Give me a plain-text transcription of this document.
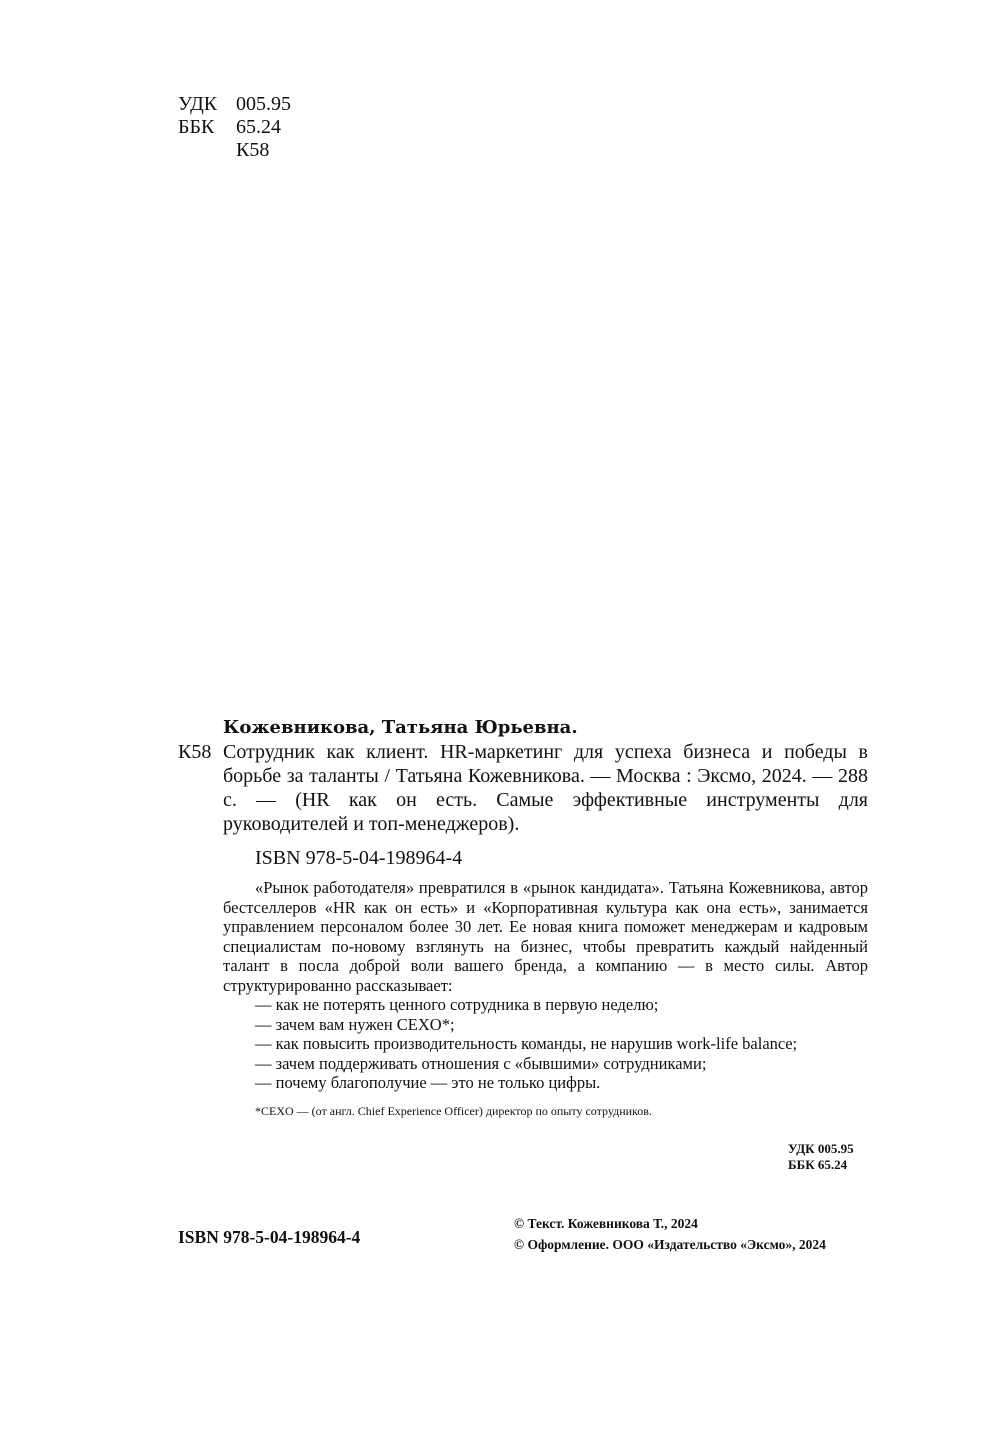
УДК 005.95
ББК	65.24
К58
Кожевникова, Татьяна Юрьевна.
К58 Сотрудник как клиент. HR-маркетинг для успеха бизнеса и победы в борьбе за таланты / Татьяна Кожевникова. — Москва : Эксмо, 2024. — 288 с. — (HR как он есть. Самые эффективные инструменты для руководителей и топ-менеджеров).
ISBN 978-5-04-198964-4

«Рынок работодателя» превратился в «рынок кандидата». Татьяна Кожевникова, автор бестселлеров «HR как он есть» и «Корпоративная культура как она есть», занимается управлением персоналом более 30 лет. Ее новая книга поможет менеджерам и кадровым специалистам по-новому взглянуть на бизнес, чтобы превратить каждый найденный талант в посла доброй воли вашего бренда, а компанию — в место силы. Автор структурированно рассказывает:

— как не потерять ценного сотрудника в первую неделю;
— зачем вам нужен CEXO*;
— как повысить производительность команды, не нарушив work-life balance;
— зачем поддерживать отношения с «бывшими» сотрудниками;
— почему благополучие — это не только цифры.
*CEXO — (от англ. Chief Experience Officer) директор по опыту сотрудников.
УДК 005.95
ББК 65.24
ISBN 978-5-04-198964-4
© Текст. Кожевникова Т., 2024
© Оформление. ООО «Издательство «Эксмо», 2024
